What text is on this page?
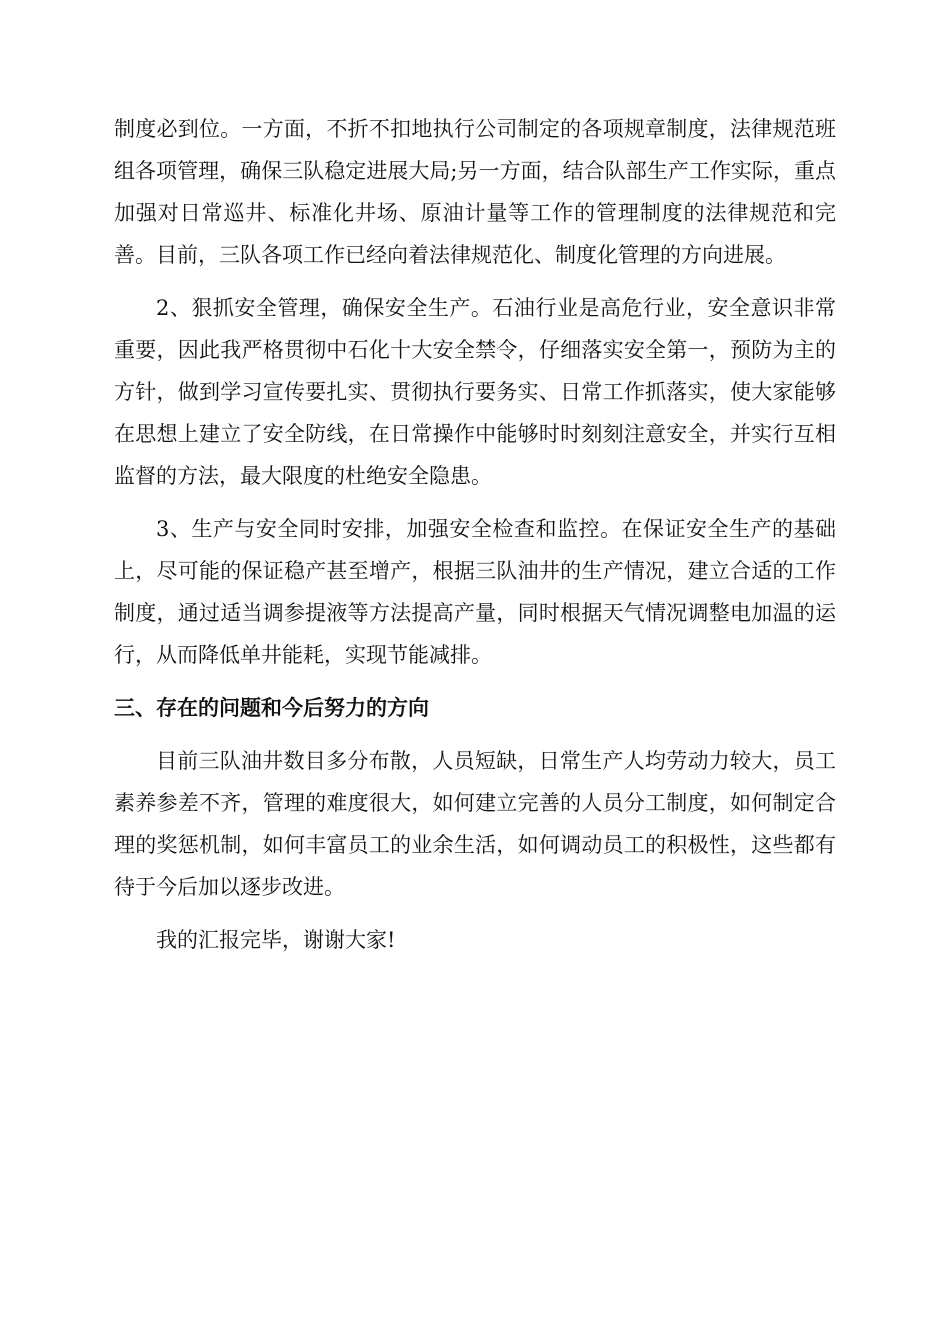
制度必到位。一方面，不折不扣地执行公司制定的各项规章制度，法律规范班组各项管理，确保三队稳定进展大局;另一方面，结合队部生产工作实际，重点加强对日常巡井、标准化井场、原油计量等工作的管理制度的法律规范和完善。目前，三队各项工作已经向着法律规范化、制度化管理的方向进展。

2、狠抓安全管理，确保安全生产。石油行业是高危行业，安全意识非常重要，因此我严格贯彻中石化十大安全禁令，仔细落实安全第一，预防为主的方针，做到学习宣传要扎实、贯彻执行要务实、日常工作抓落实，使大家能够在思想上建立了安全防线，在日常操作中能够时时刻刻注意安全，并实行互相监督的方法，最大限度的杜绝安全隐患。

3、生产与安全同时安排，加强安全检查和监控。在保证安全生产的基础上，尽可能的保证稳产甚至增产，根据三队油井的生产情况，建立合适的工作制度，通过适当调参提液等方法提高产量，同时根据天气情况调整电加温的运行，从而降低单井能耗，实现节能减排。

三、存在的问题和今后努力的方向

目前三队油井数目多分布散，人员短缺，日常生产人均劳动力较大，员工素养参差不齐，管理的难度很大，如何建立完善的人员分工制度，如何制定合理的奖惩机制，如何丰富员工的业余生活，如何调动员工的积极性，这些都有待于今后加以逐步改进。

我的汇报完毕，谢谢大家!
